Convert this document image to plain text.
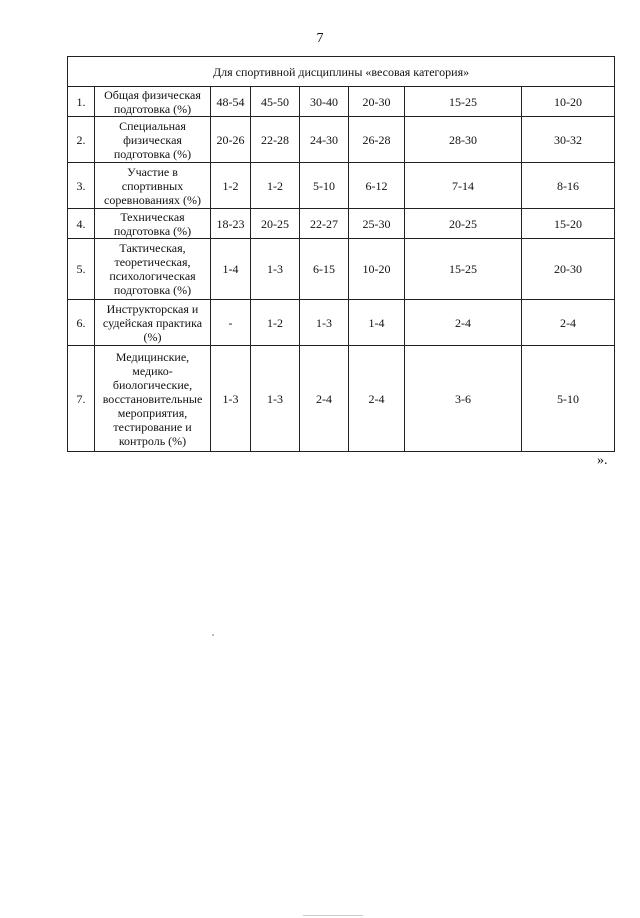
7
Для спортивной дисциплины «весовая категория»							
1.	Общая физическая подготовка (%)	48-54	45-50	30-40	20-30	15-25	10-20
2.	Специальная физическая подготовка (%)	20-26	22-28	24-30	26-28	28-30	30-32
3.	Участие в спортивных соревнованиях (%)	1-2	1-2	5-10	6-12	7-14	8-16
4.	Техническая подготовка (%)	18-23	20-25	22-27	25-30	20-25	15-20
5.	Тактическая, теоретическая, психологическая подготовка (%)	1-4	1-3	6-15	10-20	15-25	20-30
6.	Инструкторская и судейская практика (%)	-	1-2	1-3	1-4	2-4	2-4
7.	Медицинские, медико-биологические, восстановительные мероприятия, тестирование и контроль (%)	1-3	1-3	2-4	2-4	3-6	5-10
».
